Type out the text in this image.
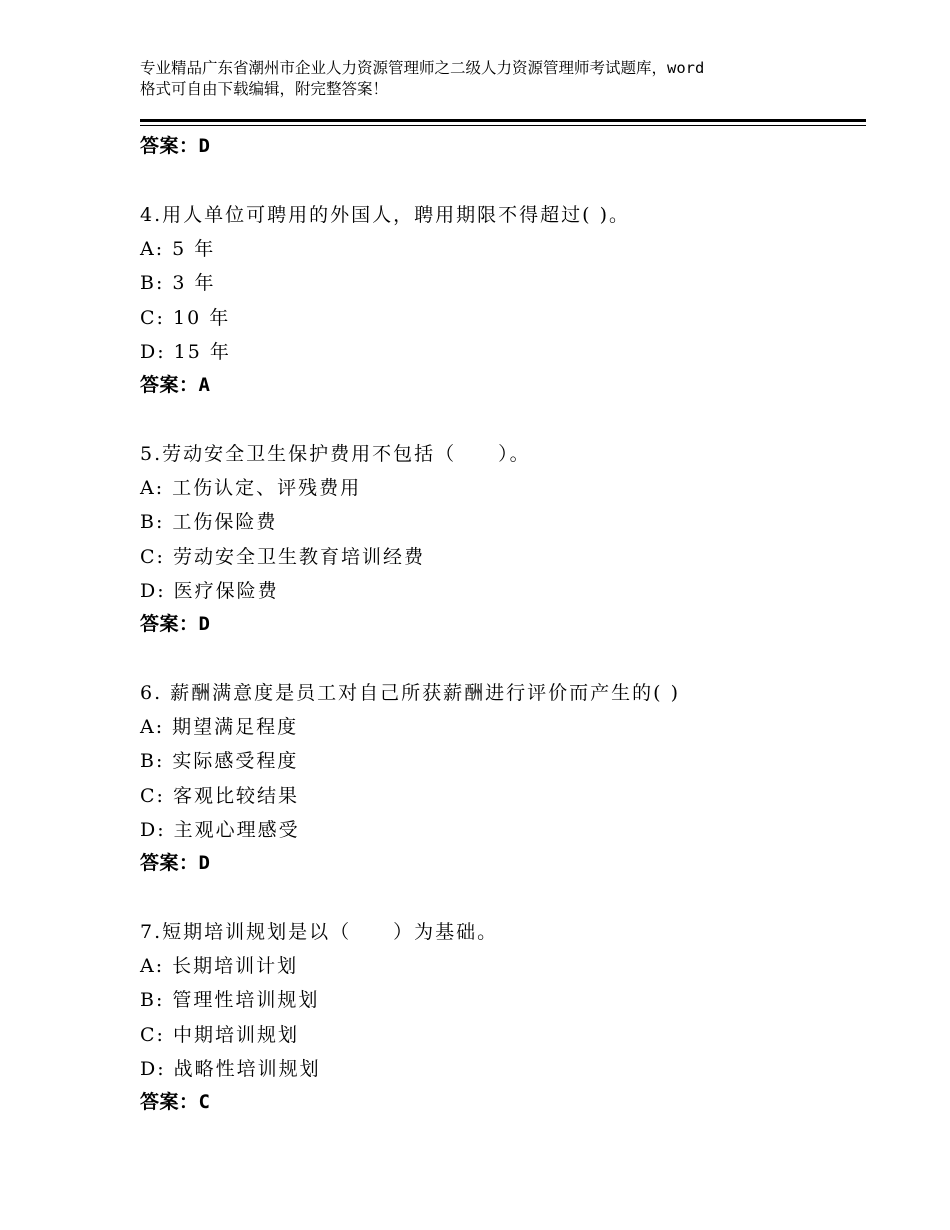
专业精品广东省潮州市企业人力资源管理师之二级人力资源管理师考试题库，word
格式可自由下载编辑，附完整答案！
答案：D
4.用人单位可聘用的外国人，聘用期限不得超过( )。
A: 5 年
B: 3 年
C: 10 年
D: 15 年
答案：A
5.劳动安全卫生保护费用不包括（　　）。
A: 工伤认定、评残费用
B: 工伤保险费
C: 劳动安全卫生教育培训经费
D: 医疗保险费
答案：D
6. 薪酬满意度是员工对自己所获薪酬进行评价而产生的( )
A: 期望满足程度
B: 实际感受程度
C: 客观比较结果
D: 主观心理感受
答案：D
7.短期培训规划是以（　　）为基础。
A: 长期培训计划
B: 管理性培训规划
C: 中期培训规划
D: 战略性培训规划
答案：C
